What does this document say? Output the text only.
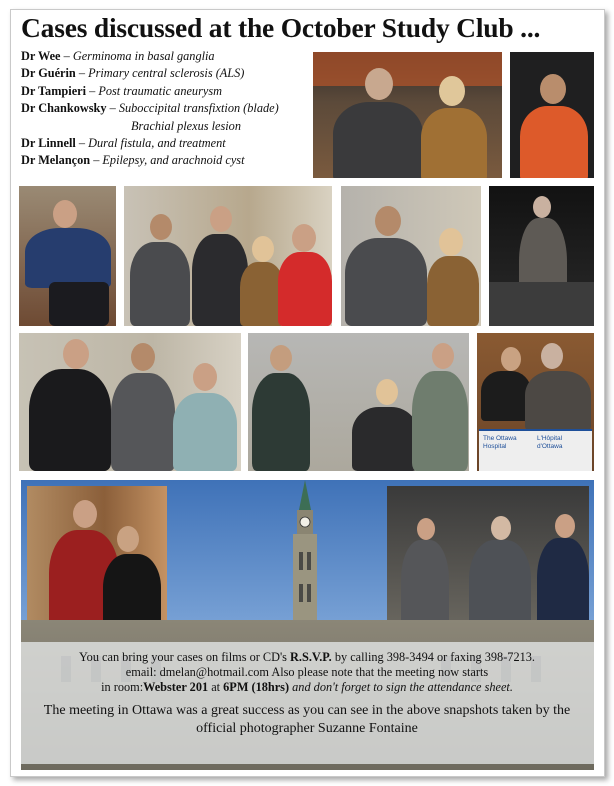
Cases discussed at the October Study Club ...
Dr Wee – Germinoma in basal ganglia
Dr Guérin – Primary central sclerosis (ALS)
Dr Tampieri – Post traumatic aneurysm
Dr Chankowsky – Suboccipital transfixtion (blade)
Brachial plexus lesion
Dr Linnell – Dural fistula, and treatment
Dr Melançon – Epilepsy, and arachnoid cyst
The Ottawa
Hospital
L'Hôpital
d'Ottawa
You can bring your cases on films or CD's R.S.V.P. by calling 398-3494 or faxing 398-7213.
email: dmelan@hotmail.com Also please note that the meeting now starts
in room:Webster 201 at 6PM (18hrs) and don't forget to sign the attendance sheet.
The meeting in Ottawa was a great success as you can see in the above snapshots taken by the official photographer Suzanne Fontaine
